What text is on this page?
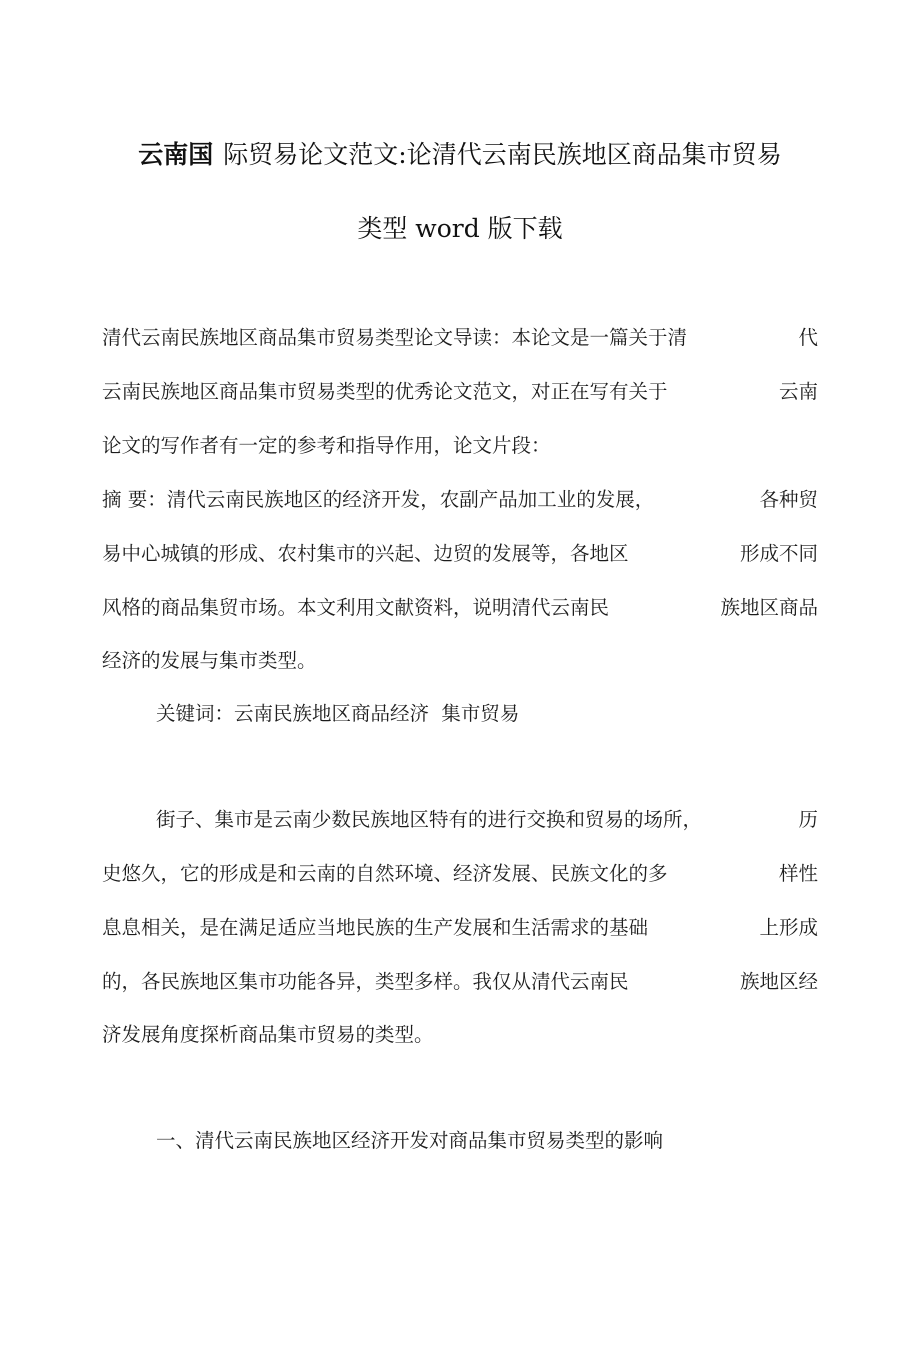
云南国 际贸易论文范文:论清代云南民族地区商品集市贸易
类型 word 版下载
清代云南民族地区商品集市贸易类型论文导读：本论文是一篇关于清	代
云南民族地区商品集市贸易类型的优秀论文范文，对正在写有关于	云南
论文的写作者有一定的参考和指导作用，论文片段：
摘 要：清代云南民族地区的经济开发，农副产品加工业的发展，	各种贸
易中心城镇的形成、农村集市的兴起、边贸的发展等，各地区	形成不同
风格的商品集贸市场。本文利用文献资料，说明清代云南民	族地区商品
经济的发展与集市类型。
关键词：云南民族地区商品经济  集市贸易
街子、集市是云南少数民族地区特有的进行交换和贸易的场所，	历
史悠久，它的形成是和云南的自然环境、经济发展、民族文化的多	样性
息息相关，是在满足适应当地民族的生产发展和生活需求的基础	上形成
的，各民族地区集市功能各异，类型多样。我仅从清代云南民	族地区经
济发展角度探析商品集市贸易的类型。
一、清代云南民族地区经济开发对商品集市贸易类型的影响
